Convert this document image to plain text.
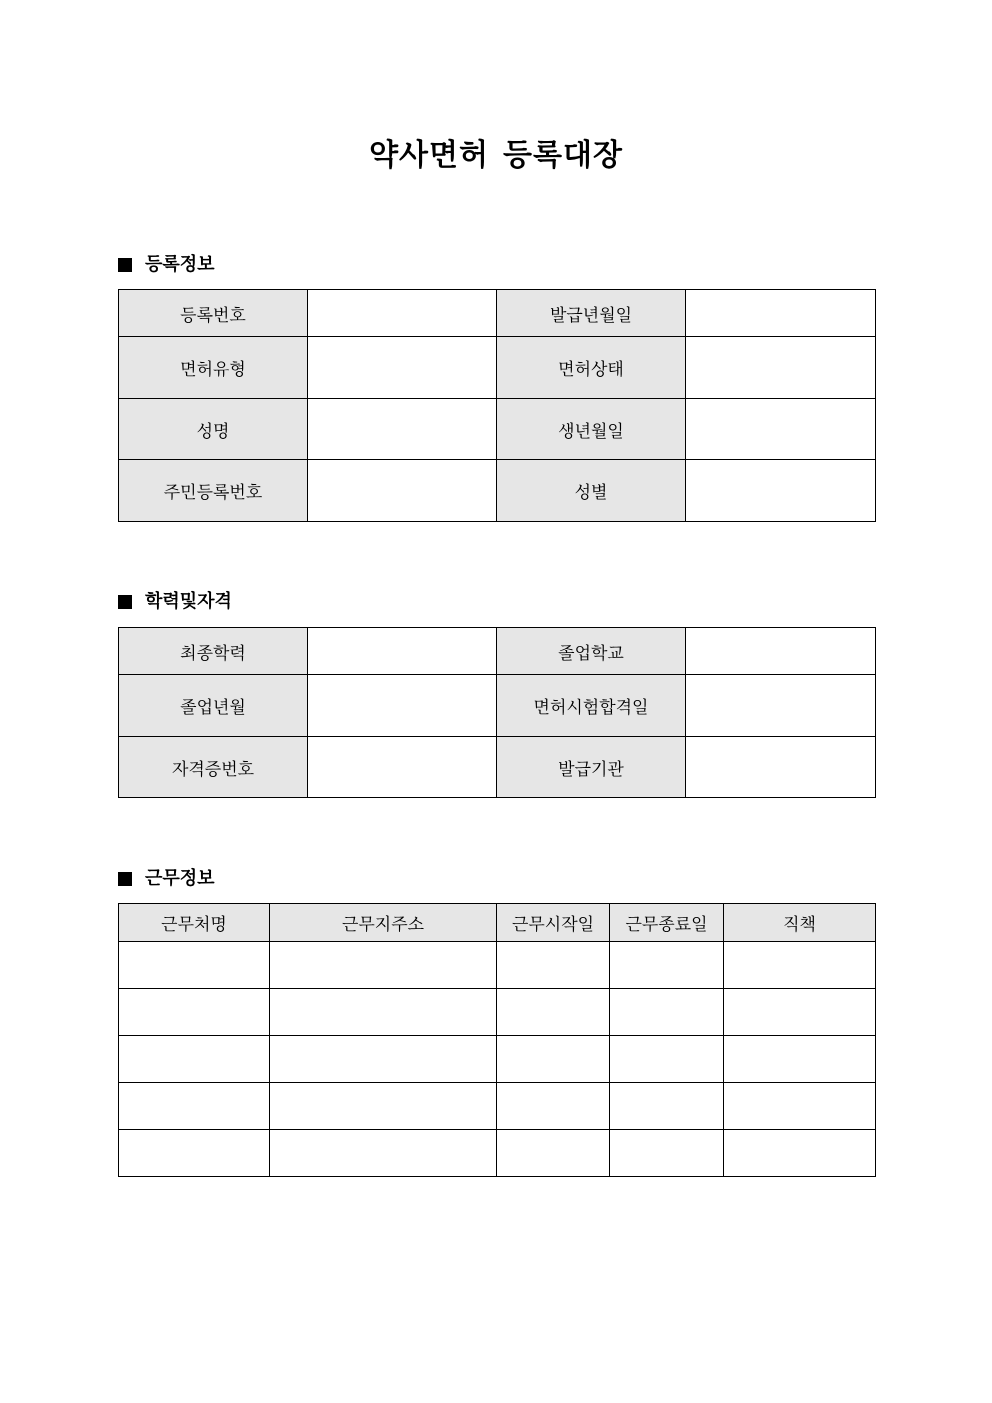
약사면허 등록대장
등록정보
등록번호		발급년월일	
면허유형		면허상태	
성명		생년월일	
주민등록번호		성별	
학력및자격
최종학력		졸업학교	
졸업년월		면허시험합격일	
자격증번호		발급기관	
근무정보
근무처명	근무지주소	근무시작일	근무종료일	직책
